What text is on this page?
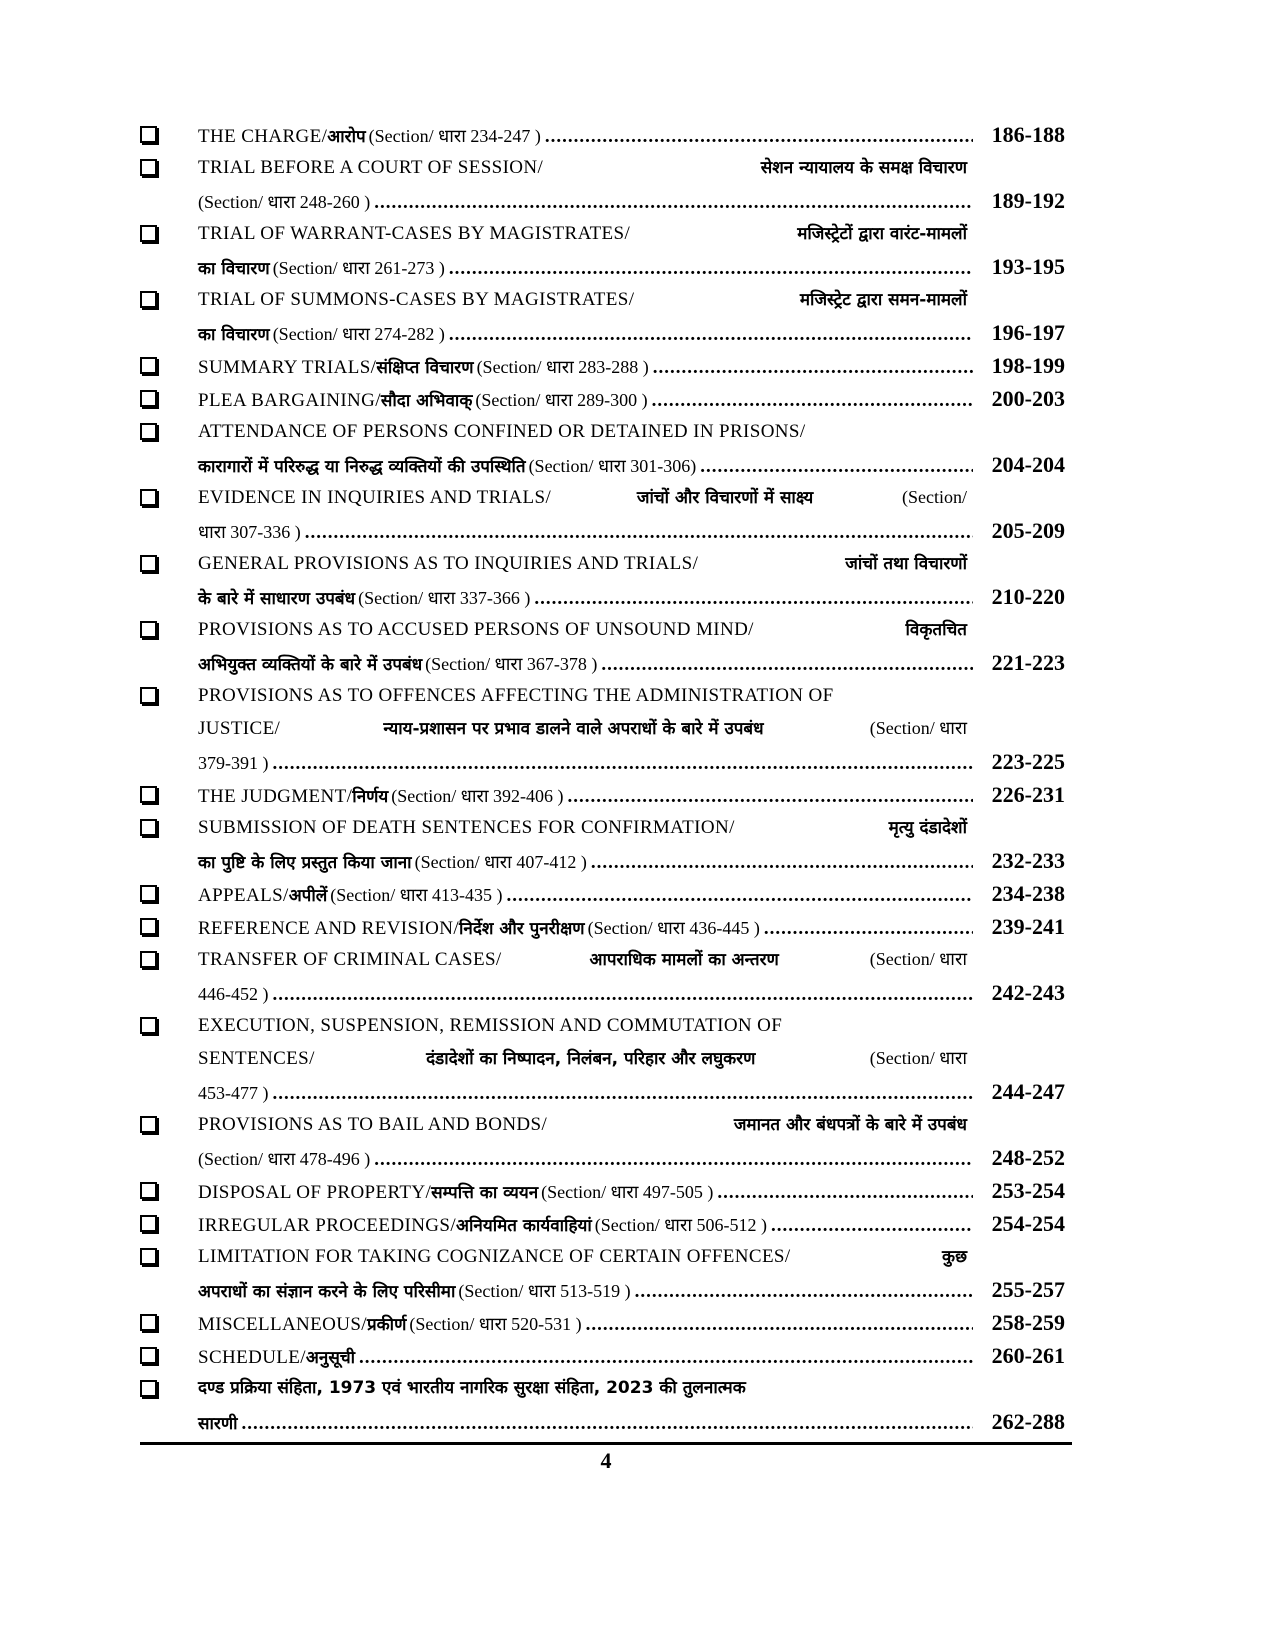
THE CHARGE/ आरोप (Section/ धारा 234-247 ) .....	186-188
TRIAL BEFORE A COURT OF SESSION/	सेशन न्यायालय के समक्ष विचारण
(Section/ धारा 248-260 ) .....	189-192
TRIAL OF WARRANT-CASES BY MAGISTRATES/	मजिस्ट्रेटों द्वारा वारंट-मामलों
का विचारण (Section/ धारा 261-273 ) .....	193-195
TRIAL OF SUMMONS-CASES BY MAGISTRATES/	मजिस्ट्रेट द्वारा समन-मामलों
का विचारण (Section/ धारा 274-282 ) .....	196-197
SUMMARY TRIALS/ संक्षिप्त विचारण (Section/ धारा 283-288 ) .....	198-199
PLEA BARGAINING/ सौदा अभिवाक् (Section/ धारा 289-300 ) .....	200-203
ATTENDANCE OF PERSONS CONFINED OR DETAINED IN PRISONS/
कारागारों में परिरुद्ध या निरुद्ध व्यक्तियों की उपस्थिति (Section/ धारा 301-306) .....	204-204
EVIDENCE IN INQUIRIES AND TRIALS/	जांचों और विचारणों में साक्ष्य	(Section/
धारा 307-336 ) .....	205-209
GENERAL PROVISIONS AS TO INQUIRIES AND TRIALS/	जांचों तथा विचारणों
के बारे में साधारण उपबंध (Section/ धारा 337-366 ) .....	210-220
PROVISIONS AS TO ACCUSED PERSONS OF UNSOUND MIND/	विकृतचित
अभियुक्त व्यक्तियों के बारे में उपबंध (Section/ धारा 367-378 ) .....	221-223
PROVISIONS AS TO OFFENCES AFFECTING THE ADMINISTRATION OF
JUSTICE/	न्याय-प्रशासन पर प्रभाव डालने वाले अपराधों के बारे में उपबंध	(Section/ धारा
379-391 ) .....	223-225
THE JUDGMENT/ निर्णय (Section/ धारा 392-406 ) .....	226-231
SUBMISSION OF DEATH SENTENCES FOR CONFIRMATION/	मृत्यु दंडादेशों
का पुष्टि के लिए प्रस्तुत किया जाना (Section/ धारा 407-412 ) .....	232-233
APPEALS/ अपीलें (Section/ धारा 413-435 ) .....	234-238
REFERENCE AND REVISION/ निर्देश और पुनरीक्षण (Section/ धारा 436-445 ) .....	239-241
TRANSFER OF CRIMINAL CASES/	आपराधिक मामलों का अन्तरण	(Section/ धारा
446-452 ) .....	242-243
EXECUTION, SUSPENSION, REMISSION AND COMMUTATION OF
SENTENCES/	दंडादेशों का निष्पादन, निलंबन, परिहार और लघुकरण	(Section/ धारा
453-477 ) .....	244-247
PROVISIONS AS TO BAIL AND BONDS/	जमानत और बंधपत्रों के बारे में उपबंध
(Section/ धारा 478-496 ) .....	248-252
DISPOSAL OF PROPERTY/ सम्पत्ति का व्ययन (Section/ धारा 497-505 ) .....	253-254
IRREGULAR PROCEEDINGS/ अनियमित कार्यवाहियां (Section/ धारा 506-512 ) .....	254-254
LIMITATION FOR TAKING COGNIZANCE OF CERTAIN OFFENCES/	कुछ
अपराधों का संज्ञान करने के लिए परिसीमा (Section/ धारा 513-519 ) .....	255-257
MISCELLANEOUS/ प्रकीर्ण (Section/ धारा 520-531 ) .....	258-259
SCHEDULE/ अनुसूची .....	260-261
दण्ड प्रक्रिया संहिता, 1973 एवं भारतीय नागरिक सुरक्षा संहिता, 2023 की तुलनात्मक
सारणी .....	262-288
4
